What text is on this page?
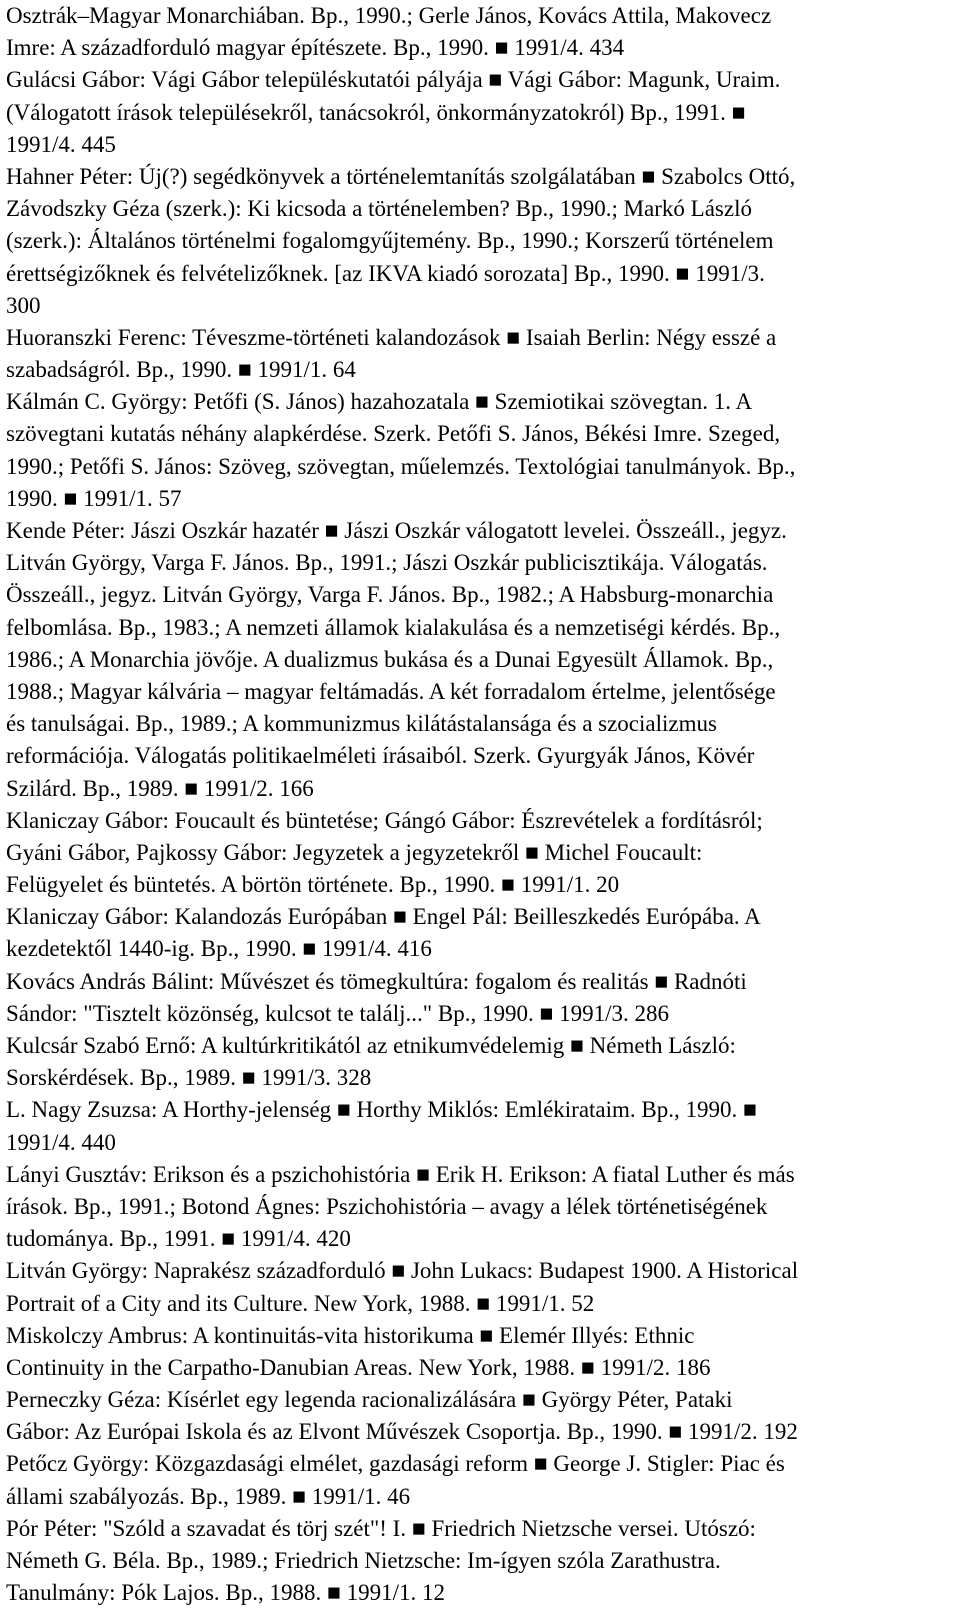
Osztrák–Magyar Monarchiában. Bp., 1990.; Gerle János, Kovács Attila, Makovecz
Imre: A századforduló magyar építészete. Bp., 1990. ■ 1991/4. 434
Gulácsi Gábor: Vági Gábor településkutatói pályája ■ Vági Gábor: Magunk, Uraim.
(Válogatott írások településekről, tanácsokról, önkormányzatokról) Bp., 1991. ■
1991/4. 445
Hahner Péter: Új(?) segédkönyvek a történelemtanítás szolgálatában ■ Szabolcs Ottó,
Závodszky Géza (szerk.): Ki kicsoda a történelemben? Bp., 1990.; Markó László
(szerk.): Általános történelmi fogalomgyűjtemény. Bp., 1990.; Korszerű történelem
érettségizőknek és felvételizőknek. [az IKVA kiadó sorozata] Bp., 1990. ■ 1991/3.
300
Huoranszki Ferenc: Téveszme-történeti kalandozások ■ Isaiah Berlin: Négy esszé a
szabadságról. Bp., 1990. ■ 1991/1. 64
Kálmán C. György: Petőfi (S. János) hazahozatala ■ Szemiotikai szövegtan. 1. A
szövegtani kutatás néhány alapkérdése. Szerk. Petőfi S. János, Békési Imre. Szeged,
1990.; Petőfi S. János: Szöveg, szövegtan, műelemzés. Textológiai tanulmányok. Bp.,
1990. ■ 1991/1. 57
Kende Péter: Jászi Oszkár hazatér ■ Jászi Oszkár válogatott levelei. Összeáll., jegyz.
Litván György, Varga F. János. Bp., 1991.; Jászi Oszkár publicisztikája. Válogatás.
Összeáll., jegyz. Litván György, Varga F. János. Bp., 1982.; A Habsburg-monarchia
felbomlása. Bp., 1983.; A nemzeti államok kialakulása és a nemzetiségi kérdés. Bp.,
1986.; A Monarchia jövője. A dualizmus bukása és a Dunai Egyesült Államok. Bp.,
1988.; Magyar kálvária – magyar feltámadás. A két forradalom értelme, jelentősége
és tanulságai. Bp., 1989.; A kommunizmus kilátástalansága és a szocializmus
reformációja. Válogatás politikaelméleti írásaiból. Szerk. Gyurgyák János, Kövér
Szilárd. Bp., 1989. ■ 1991/2. 166
Klaniczay Gábor: Foucault és büntetése; Gángó Gábor: Észrevételek a fordításról;
Gyáni Gábor, Pajkossy Gábor: Jegyzetek a jegyzetekről ■ Michel Foucault:
Felügyelet és büntetés. A börtön története. Bp., 1990. ■ 1991/1. 20
Klaniczay Gábor: Kalandozás Európában ■ Engel Pál: Beilleszkedés Európába. A
kezdetektől 1440-ig. Bp., 1990. ■ 1991/4. 416
Kovács András Bálint: Művészet és tömegkultúra: fogalom és realitás ■ Radnóti
Sándor: "Tisztelt közönség, kulcsot te találj..." Bp., 1990. ■ 1991/3. 286
Kulcsár Szabó Ernő: A kultúrkritikától az etnikumvédelemig ■ Németh László:
Sorskérdések. Bp., 1989. ■ 1991/3. 328
L. Nagy Zsuzsa: A Horthy-jelenség ■ Horthy Miklós: Emlékirataim. Bp., 1990. ■
1991/4. 440
Lányi Gusztáv: Erikson és a pszichohistória ■ Erik H. Erikson: A fiatal Luther és más
írások. Bp., 1991.; Botond Ágnes: Pszichohistória – avagy a lélek történetiségének
tudománya. Bp., 1991. ■ 1991/4. 420
Litván György: Naprakész századforduló ■ John Lukacs: Budapest 1900. A Historical
Portrait of a City and its Culture. New York, 1988. ■ 1991/1. 52
Miskolczy Ambrus: A kontinuitás-vita historikuma ■ Elemér Illyés: Ethnic
Continuity in the Carpatho-Danubian Areas. New York, 1988. ■ 1991/2. 186
Perneczky Géza: Kísérlet egy legenda racionalizálására ■ György Péter, Pataki
Gábor: Az Európai Iskola és az Elvont Művészek Csoportja. Bp., 1990. ■ 1991/2. 192
Petőcz György: Közgazdasági elmélet, gazdasági reform ■ George J. Stigler: Piac és
állami szabályozás. Bp., 1989. ■ 1991/1. 46
Pór Péter: "Szóld a szavadat és törj szét"! I. ■ Friedrich Nietzsche versei. Utószó:
Németh G. Béla. Bp., 1989.; Friedrich Nietzsche: Im-ígyen szóla Zarathustra.
Tanulmány: Pók Lajos. Bp., 1988. ■ 1991/1. 12
